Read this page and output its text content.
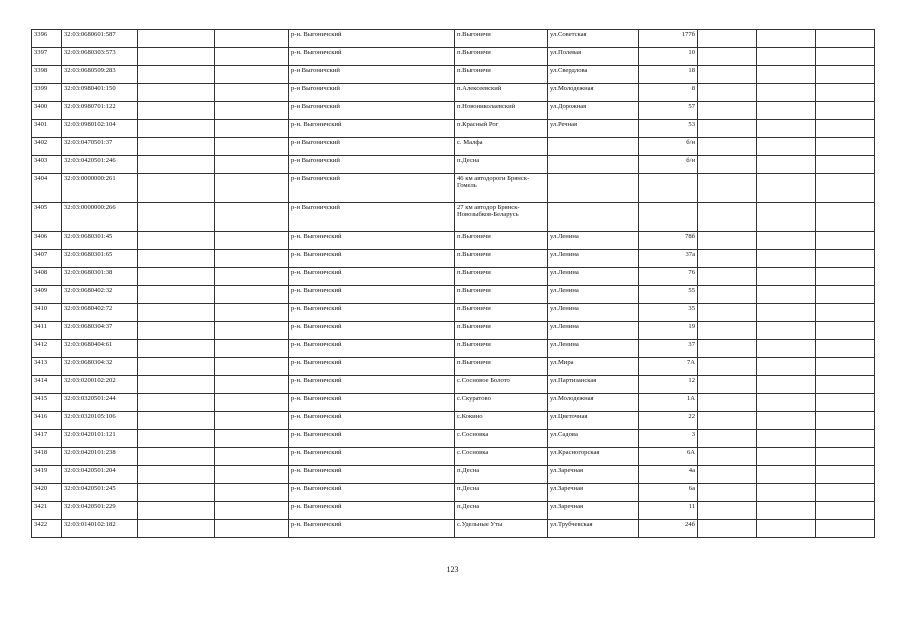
3396	32:03:0680601:587			р-н. Выгоничский	п.Выгоничи	ул.Советская	177б			
3397	32:03:0680303:573			р-н. Выгоничский	п.Выгоничи	ул.Полевая	10			
3398	32:03:0680509:283			р-н Выгоничский	п.Выгоничи	ул.Свердлова	18			
3399	32:03:0980401:150			р-н Выгоничский	п.Алексеевский	ул.Молодежная	8			
3400	32:03:0980701:122			р-н Выгоничский	п.Новониколаевский	ул.Дорожная	57			
3401	32:03:0980102:104			р-н. Выгоничский	п.Красный Рог	ул.Речная	53			
3402	32:03:0470501:37			р-н Выгоничский	с. Малфа		б/н			
3403	32:03:0420501:246			р-н Выгоничский	п.Десна		б/н			
3404	32:03:0000000:261			р-н Выгоничский	46 км автодороги Брянск-Гомель					
3405	32:03:0000000:266			р-н Выгоничский	27 км автодор Брянск-Новозыбков-Беларусь					
3406	32:03:0680301:45			р-н. Выгоничский	п.Выгоничи	ул.Ленина	78б			
3407	32:03:0680301:65			р-н. Выгоничский	п.Выгоничи	ул.Ленина	37а			
3408	32:03:0680301:38			р-н. Выгоничский	п.Выгоничи	ул.Ленина	76			
3409	32:03:0680402:32			р-н. Выгоничский	п.Выгоничи	ул.Ленина	55			
3410	32:03:0680402:72			р-н. Выгоничский	п.Выгоничи	ул.Ленина	35			
3411	32:03:0680304:37			р-н. Выгоничский	п.Выгоничи	ул.Ленина	19			
3412	32:03:0680404:61			р-н. Выгоничский	п.Выгоничи	ул.Ленина	37			
3413	32:03:0680304:32			р-н. Выгоничский	п.Выгоничи	ул.Мира	7А			
3414	32:03:0200102:202			р-н. Выгоничский	с.Сосновое Болото	ул.Партизанская	12			
3415	32:03:0320501:244			р-н. Выгоничский	с.Скуратово	ул.Молодежная	1А			
3416	32:03:0320105:106			р-н. Выгоничский	с.Кокино	ул.Цветочная	22			
3417	32:03:0420101:121			р-н. Выгоничский	с.Сосновка	ул.Садова	3			
3418	32:03:0420101:238			р-н. Выгоничский	с.Сосновка	ул.Красногорская	6А			
3419	32:03:0420501:204			р-н. Выгоничский	п.Десна	ул.Заречная	4а			
3420	32:03:0420501:245			р-н. Выгоничский	п.Десна	ул.Заречная	6а			
3421	32:03:0420501:229			р-н. Выгоничский	п.Десна	ул.Заречная	11			
3422	32:03:0140102:182			р-н. Выгоничский	с.Удельные Уты	ул.Трубчевская	24б			
123
